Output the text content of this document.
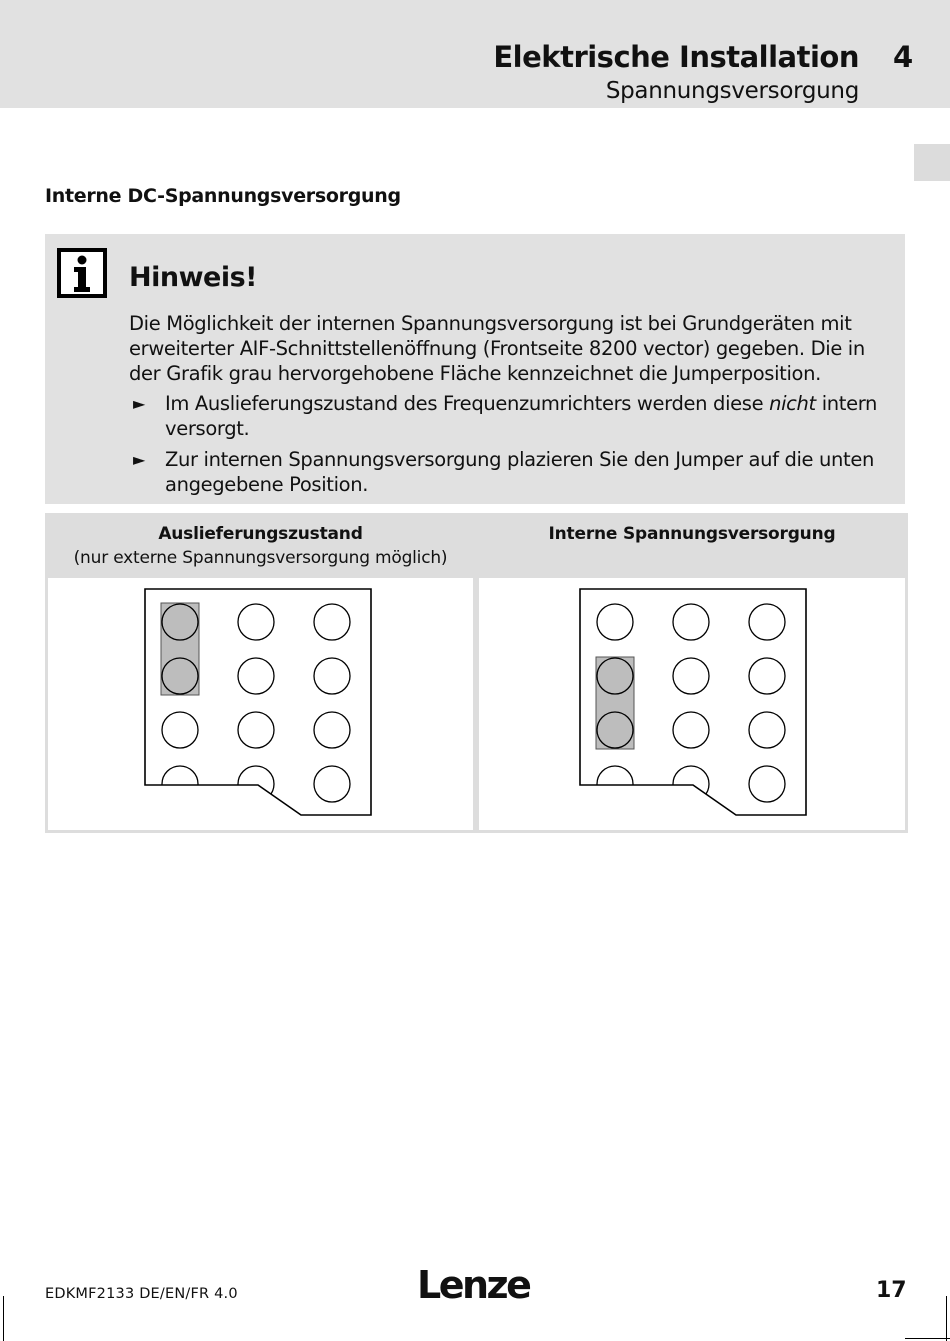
Elektrische Installation 4
Spannungsversorgung
Interne DC-Spannungsversorgung
Hinweis!
Die Möglichkeit der internen Spannungsversorgung ist bei Grundgeräten mit erweiterter AIF-Schnittstellenöffnung (Frontseite 8200 vector) gegeben. Die in der Grafik grau hervorgehobene Fläche kennzeichnet die Jumperposition.
► Im Auslieferungszustand des Frequenzumrichters werden diese nicht intern versorgt.
► Zur internen Spannungsversorgung plazieren Sie den Jumper auf die unten angegebene Position.
Auslieferungszustand
(nur externe Spannungsversorgung möglich)
Interne Spannungsversorgung
EDKMF2133 DE/EN/FR 4.0	Lenze	17
